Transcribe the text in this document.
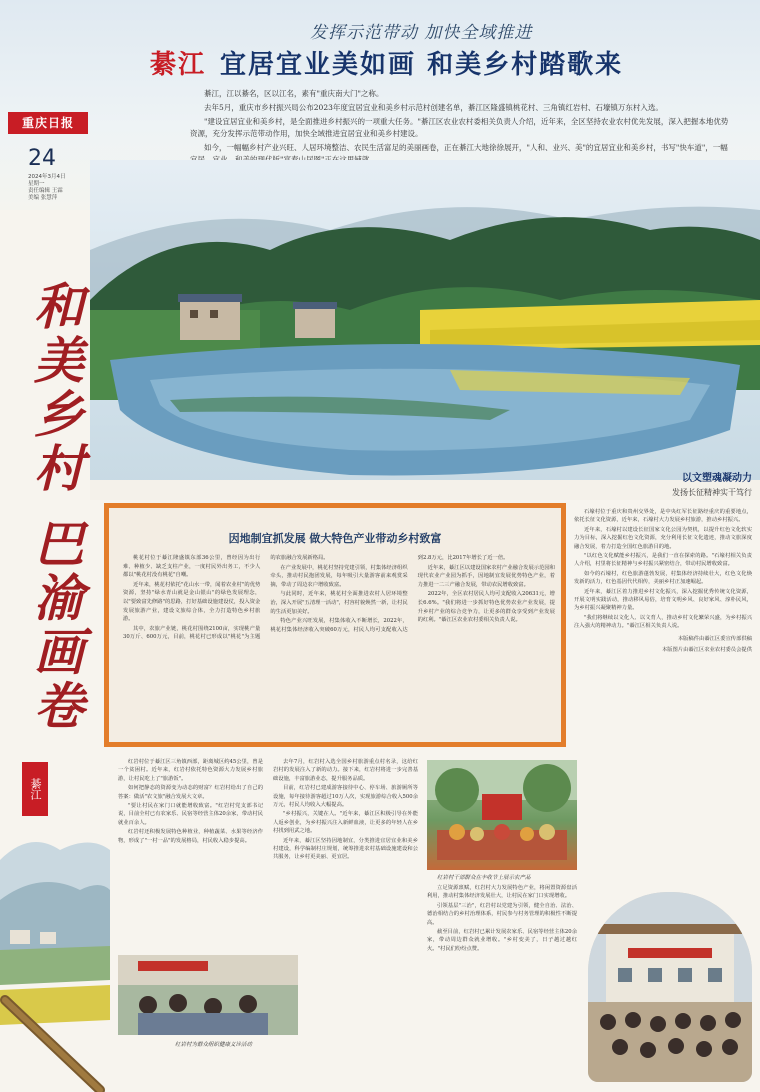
发挥示范带动 加快全域推进
綦江 宜居宜业美如画 和美乡村踏歌来

綦江，江以綦名，区以江名，素有"重庆南大门"之称。

去年5月，重庆市乡村振兴局公布2023年度宜居宜业和美乡村示范村创建名单，綦江区隆盛镇桃花村、三角镇红岩村、石壕镇万东村入选。

"建设宜居宜业和美乡村，是全面推进乡村振兴的一项重大任务。"綦江区农业农村委相关负责人介绍，近年来，全区坚持农业农村优先发展，深入把握本地优势资源，充分发挥示范带动作用，加快全域推进宜居宜业和美乡村建设。

如今，一幅幅乡村产业兴旺、人居环境整洁、农民生活富足的美丽画卷，正在綦江大地徐徐展开，"人和、业兴、美"的宜居宜业和美乡村，书写"快车道"，一幅

重庆日报
24
2024年3月4日
星期一
责任编辑 王霖
美编 张慧萍
和美乡村 巴渝画卷
綦江
因地制宜抓发展 做大特色产业带动乡村致富

桃花村位于綦江隆盛镇东部36公里，曾经因为出行难、种植少、缺乏支柱产业，一度村民外出务工，不少人都以"桃花村没有桃花"自嘲。

近年来，桃花村依托"花山水一带，闻着农业村"的优势资源，坚持"绿水青山就是金山银山"的绿色发展理念，以"要致富先修路"的思路，打好基础设施建设仗，投入资金发展旅游产业，建设文旅综合体，全力打造特色乡村旅游。

其中，农旅产业链，桃花村围绕2100亩，实现桃产量30万斤、600万元，目前，桃花村已形成以"桃花"为主题的农旅融合发展新格局。

在产业发展中，桃花村坚持党建引领，村集体经济组织牵头，推动村民抱团发展，每年吸引大量游客前来观赏采摘，带动了周边农户增收致富。

与此同时，近年来，桃花村全面推进农村人居环境整治，深入开展"五清理一活动"，村容村貌焕然一新，让村民的生活更加美好。

特色产业兴旺发展，村集体收入不断增长，2022年，桃花村集体经济收入突破60万元，村民人均可支配收入达到2.8万元，比2017年增长了近一倍。

近年来，綦江区以建设国家农村产业融合发展示范园和现代农业产业园为抓手，因地制宜发展优势特色产业，着力推进一二三产融合发展，带动农民增收致富。

2022年，全区农村居民人均可支配收入20631元，增长6.6%。"我们将进一步抓好特色优势农业产业发展，提升乡村产业的综合竞争力，让更多的群众享受到产业发展的红利。"綦江区农业农村委相关负责人说。

以文塑魂凝动力
发扬长征精神实干笃行

石壕村位于重庆和贵州交界处，是中央红军长征路经重庆的重要地点，依托长征文化资源，近年来，石壕村大力发展乡村旅游，推动乡村振兴。

近年来，石壕村以建设长征国家文化公园为契机，以提升红色文化软实力为目标，深入挖掘红色文化资源，充分利用长征文化遗迹，推动文旅深度融合发展，着力打造全国红色旅游目的地。

"以红色文化赋能乡村振兴，是我们一直在探索的路。"石壕村相关负责人介绍，村里将长征精神与乡村振兴紧密结合，带动村民增收致富。

如今的石壕村，红色旅游蓬勃发展，村集体经济持续壮大，红色文化焕发新的活力，红色基因代代相传，美丽乡村正加速崛起。

近年来，綦江区着力推进乡村文化振兴，深入挖掘优秀传统文化资源，开展文明实践活动，推动移风易俗，培育文明乡风、良好家风、淳朴民风，为乡村振兴凝聚精神力量。

"我们将继续以文化人、以文育人，推动乡村文化繁荣兴盛，为乡村振兴注入强大的精神动力。"綦江区相关负责人说。

本版稿件由綦江区委宣传部供稿
本版图片由綦江区农业农村委员会提供

红岩村位于綦江区三角镇西部，距离城区约45公里，曾是一个贫困村。近年来，红岩村依托特色资源大力发展乡村旅游，让村民吃上了"旅游饭"。

如何把静态的资源变为动态的财富？红岩村给出了自己的答案：做活"农文旅"融合发展大文章。

"要让村民在家门口就能增收致富。"红岩村党支部书记说，目前全村已有农家乐、民宿等经营主体20余家，带动村民就业百余人。

红岩村还积极发展特色种植业，种植蔬菜、水果等经济作物，形成了"一村一品"的发展格局，村民收入稳步提高。

去年7月，红岩村入选全国乡村旅游重点村名录，这给红岩村的发展注入了新的动力。接下来，红岩村将进一步完善基础设施，丰富旅游业态，提升服务品质。

目前，红岩村已建成游客接待中心、停车场、旅游厕所等设施，每年接待游客超过10万人次，实现旅游综合收入500余万元，村民人均收入大幅提高。

"乡村振兴，关键在人。"近年来，綦江区积极引导在外能人返乡创业，为乡村振兴注入新鲜血液，让更多的年轻人在乡村找到用武之地。

近年来，綦江区坚持因地制宜，分类推进宜居宜业和美乡村建设，科学编制村庄规划，统筹推进农村基础设施建设和公共服务，让乡村更美丽、更宜居。

红岩村干部群众在丰收节上展示农产品

立足资源禀赋，红岩村大力发展特色产业，将闲置资源盘活利用，推动村集体经济发展壮大，让村民在家门口实现增收。

引领基层"三治"，红岩村以党建为引领，健全自治、法治、德治相结合的乡村治理体系，村民参与村务管理的积极性不断提高。

截至目前，红岩村已累计发展农家乐、民宿等经营主体20余家，带动周边群众就业增收。"乡村变美了，日子越过越红火。"村民们纷纷点赞。

红岩村为群众组织健康义诊活动
